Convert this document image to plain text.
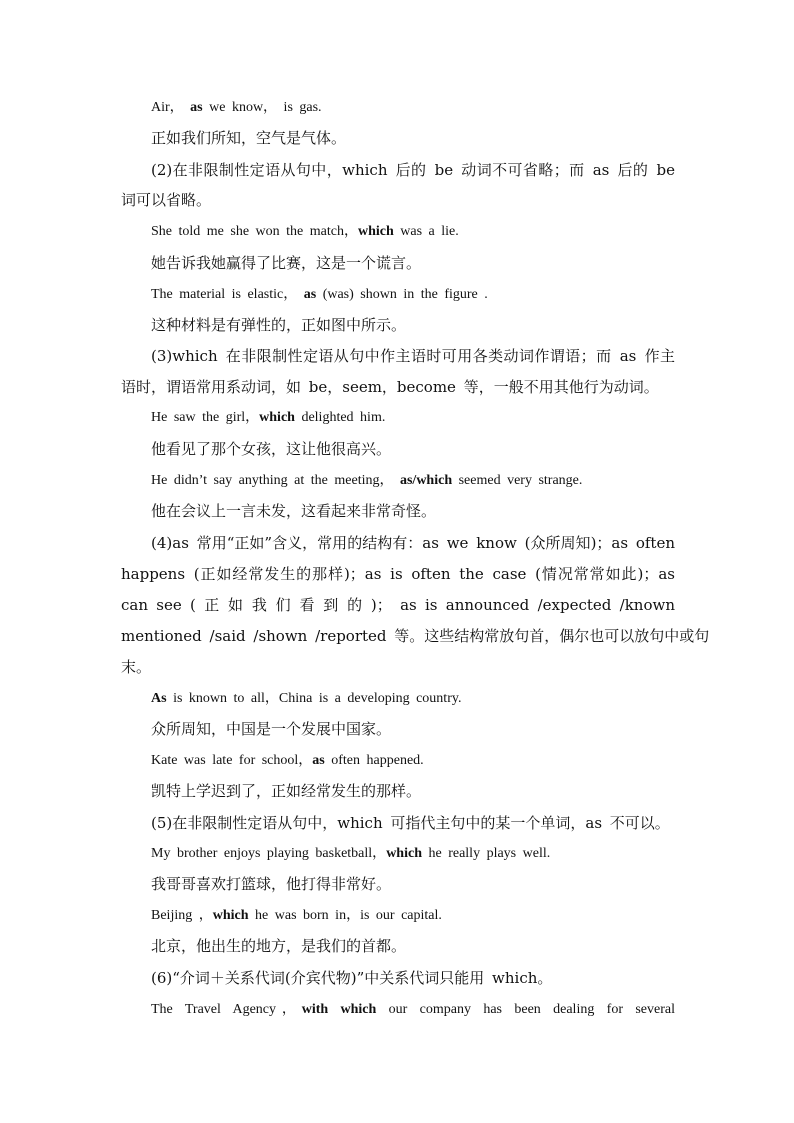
Air， as we know， is gas.
正如我们所知，空气是气体。
(2)在非限制性定语从句中，which 后的 be 动词不可省略；而 as 后的 be
词可以省略。
She told me she won the match，which was a lie.
她告诉我她赢得了比赛，这是一个谎言。
The material is elastic， as (was) shown in the figure .
这种材料是有弹性的，正如图中所示。
(3)which 在非限制性定语从句中作主语时可用各类动词作谓语；而 as 作主
语时，谓语常用系动词，如 be，seem，become 等，一般不用其他行为动词。
He saw the girl，which delighted him.
他看见了那个女孩，这让他很高兴。
He didn’t say anything at the meeting， as/which seemed very strange.
他在会议上一言未发，这看起来非常奇怪。
(4)as 常用“正如”含义，常用的结构有：as we know (众所周知)；as often
happens (正如经常发生的那样)；as is often the case (情况常常如此)；as
can see ( 正 如 我 们 看 到 的 )； as is announced /expected /known
mentioned /said /shown /reported 等。这些结构常放句首，偶尔也可以放句中或句
末。
As is known to all，China is a developing country.
众所周知，中国是一个发展中国家。
Kate was late for school，as often happened.
凯特上学迟到了，正如经常发生的那样。
(5)在非限制性定语从句中，which 可指代主句中的某一个单词，as 不可以。
My brother enjoys playing basketball，which he really plays well.
我哥哥喜欢打篮球，他打得非常好。
Beijing ，which he was born in，is our capital.
北京，他出生的地方，是我们的首都。
(6)“介词＋关系代词(介宾代物)”中关系代词只能用 which。
The Travel Agency，with which our company has been dealing for several
